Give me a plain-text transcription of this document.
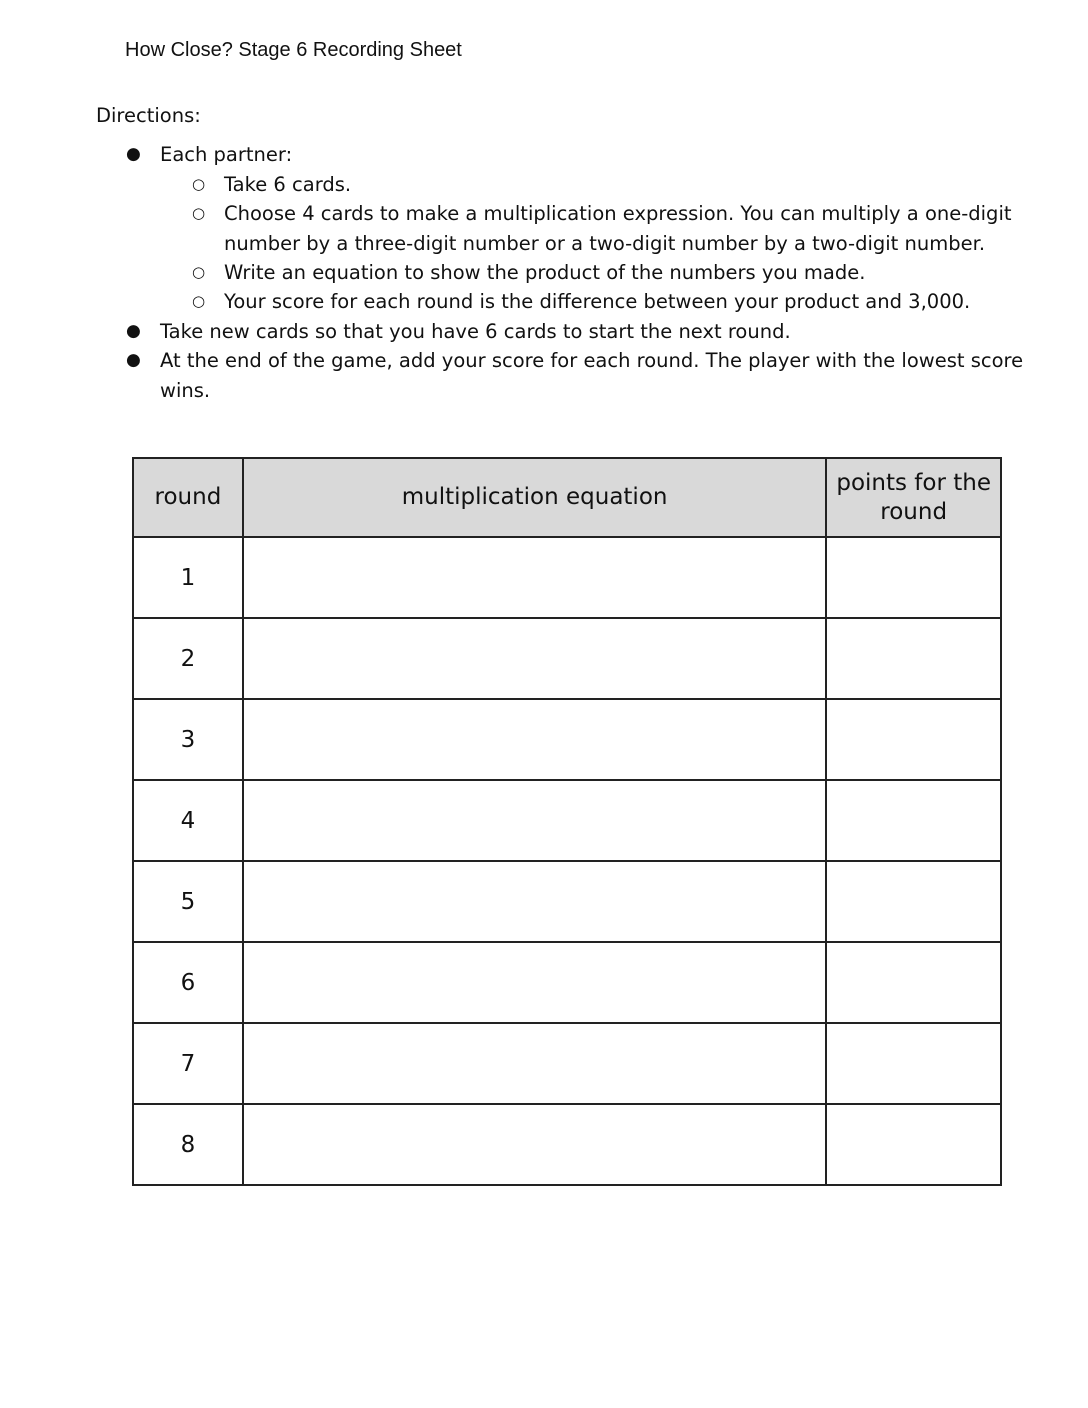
How Close? Stage 6 Recording Sheet
Directions:
● Each partner:
○ Take 6 cards.
○ Choose 4 cards to make a multiplication expression. You can multiply a one-digit number by a three-digit number or a two-digit number by a two-digit number.
○ Write an equation to show the product of the numbers you made.
○ Your score for each round is the difference between your product and 3,000.
● Take new cards so that you have 6 cards to start the next round.
● At the end of the game, add your score for each round. The player with the lowest score wins.
round	multiplication equation	points for the round
1		
2		
3		
4		
5		
6		
7		
8		
